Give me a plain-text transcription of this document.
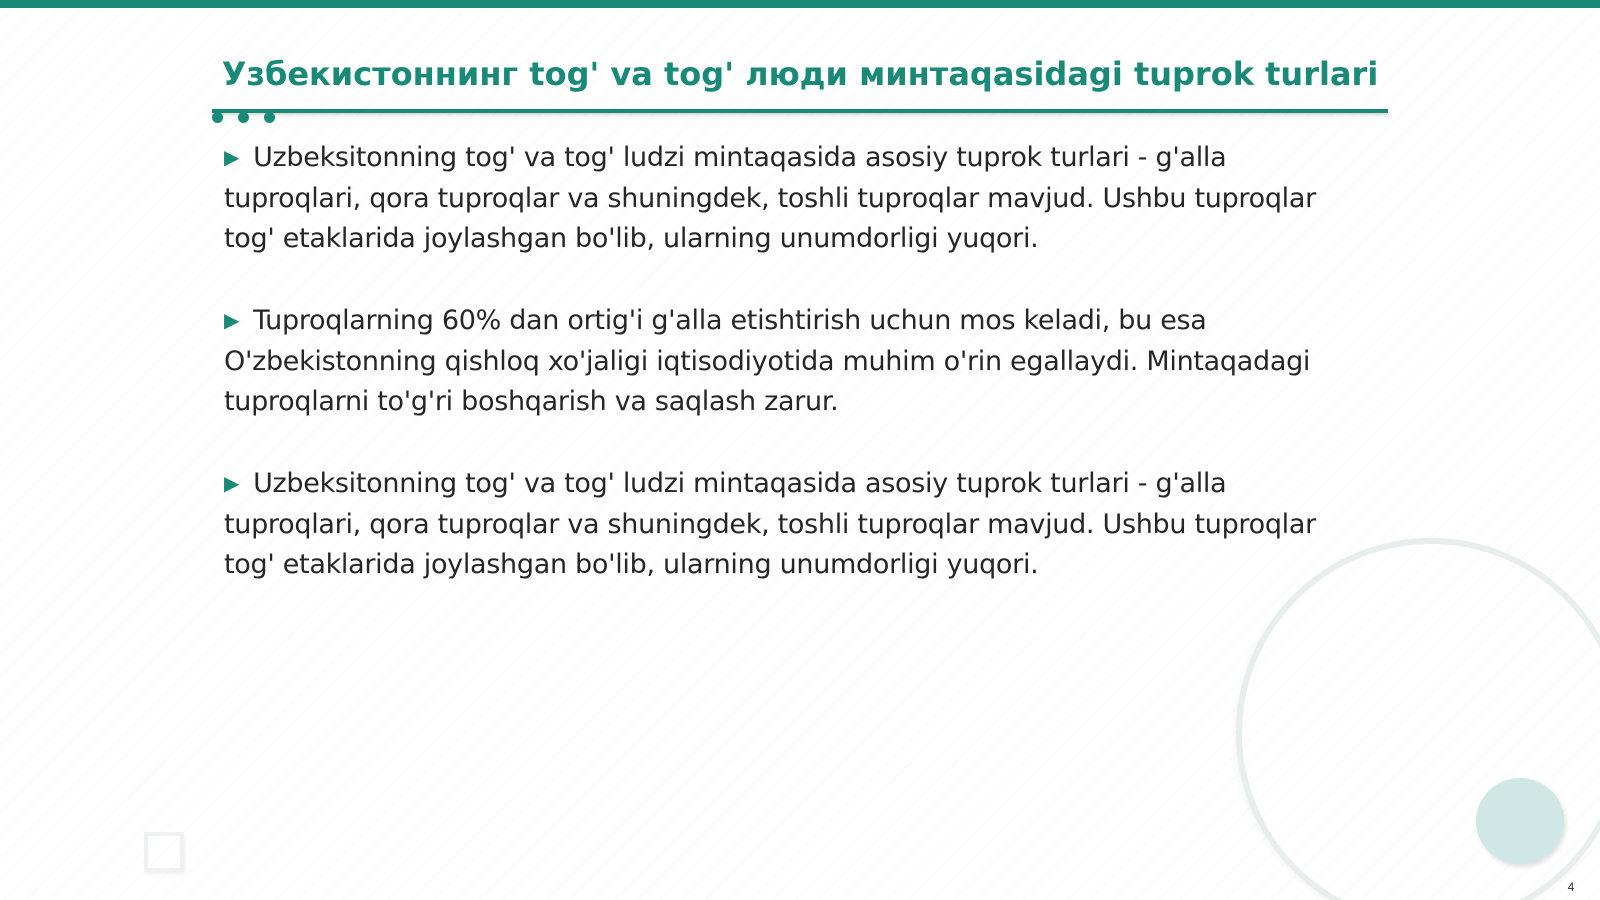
Узбекистоннинг tog' va tog' люди минтаqasidagi tuprok turlari

▶ Uzbeksitonning tog' va tog' ludzi mintaqasida asosiy tuprok turlari - g'alla tuproqlari, qora tuproqlar va shuningdek, toshli tuproqlar mavjud. Ushbu tuproqlar tog' etaklarida joylashgan bo'lib, ularning unumdorligi yuqori.

▶ Tuproqlarning 60% dan ortig'i g'alla etishtirish uchun mos keladi, bu esa O'zbekistonning qishloq xo'jaligi iqtisodiyotida muhim o'rin egallaydi. Mintaqadagi tuproqlarni to'g'ri boshqarish va saqlash zarur.

▶ Uzbeksitonning tog' va tog' ludzi mintaqasida asosiy tuprok turlari - g'alla tuproqlari, qora tuproqlar va shuningdek, toshli tuproqlar mavjud. Ushbu tuproqlar tog' etaklarida joylashgan bo'lib, ularning unumdorligi yuqori.

4
